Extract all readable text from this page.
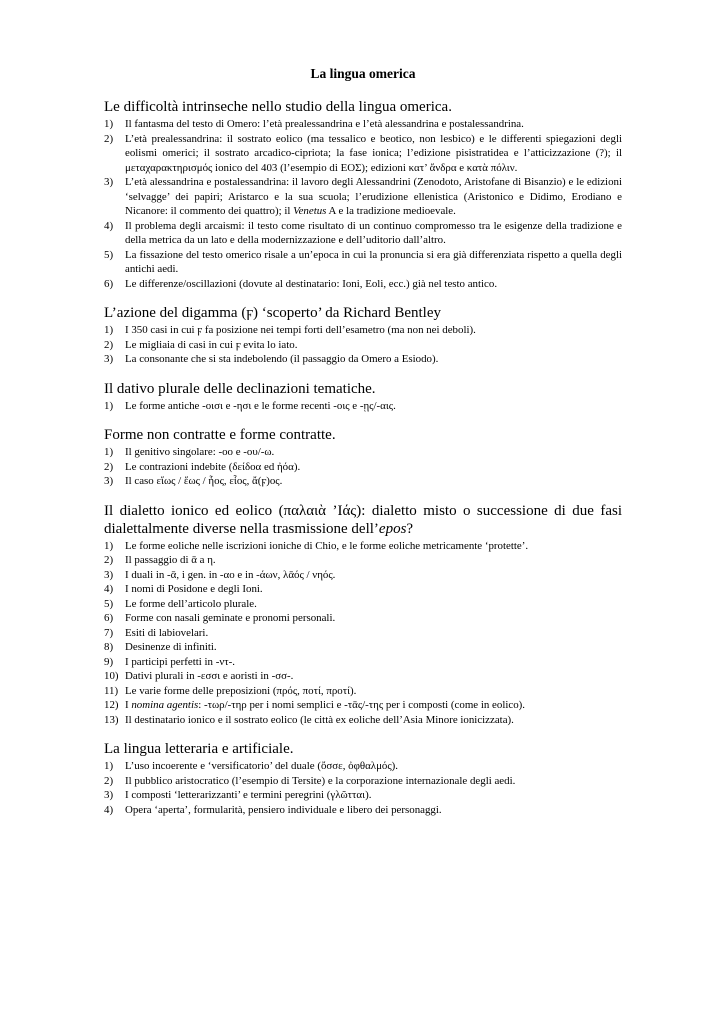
La lingua omerica
Le difficoltà intrinseche nello studio della lingua omerica.
1)	Il fantasma del testo di Omero: l’età prealessandrina e l’età alessandrina e postalessandrina.
2)	L’età prealessandrina: il sostrato eolico (ma tessalico e beotico, non lesbico) e le differenti spiegazioni degli eolismi omerici; il sostrato arcadico-cipriota; la fase ionica; l’edizione pisistratidea e l’atticizzazione (?); il μεταχαρακτηρισμός ionico del 403 (l’esempio di ΕΟΣ); edizioni κατ’ ἄνδρα e κατὰ πόλιν.
3)	L’età alessandrina e postalessandrina: il lavoro degli Alessandrini (Zenodoto, Aristofane di Bisanzio) e le edizioni ‘selvagge’ dei papiri; Aristarco e la sua scuola; l’erudizione ellenistica (Aristonico e Didimo, Erodiano e Nicanore: il commento dei quattro); il Venetus A e la tradizione medioevale.
4)	Il problema degli arcaismi: il testo come risultato di un continuo compromesso tra le esigenze della tradizione e della metrica da un lato e della modernizzazione e dell’uditorio dall’altro.
5)	La fissazione del testo omerico risale a un’epoca in cui la pronuncia si era già differenziata rispetto a quella degli antichi aedi.
6)	Le differenze/oscillazioni (dovute al destinatario: Ioni, Eoli, ecc.) già nel testo antico.
L’azione del digamma (ϝ) ‘scoperto’ da Richard Bentley
1)	I 350 casi in cui ϝ fa posizione nei tempi forti dell’esametro (ma non nei deboli).
2)	Le migliaia di casi in cui ϝ evita lo iato.
3)	La consonante che si sta indebolendo (il passaggio da Omero a Esiodo).
Il dativo plurale delle declinazioni tematiche.
1)	Le forme antiche -οισι e -ησι e le forme recenti -οις e -ῃς/-αις.
Forme non contratte e forme contratte.
1)	Il genitivo singolare: -οο e -ου/-ω.
2)	Le contrazioni indebite (δείδοα ed ἠόα).
3)	Il caso εἵως / ἕως / ἧος, εἷος, ἄ(ϝ)ος.
Il dialetto ionico ed eolico (παλαιὰ ’Ιάς): dialetto misto o successione di due fasi dialettalmente diverse nella trasmissione dell’epos?
1)	Le forme eoliche nelle iscrizioni ioniche di Chio, e le forme eoliche metricamente ‘protette’.
2)	Il passaggio di ᾱ a η.
3)	I duali in -ᾱ, i gen. in -αο e in -άων, λᾱός / νηός.
4)	I nomi di Posidone e degli Ioni.
5)	Le forme dell’articolo plurale.
6)	Forme con nasali geminate e pronomi personali.
7)	Esiti di labiovelari.
8)	Desinenze di infiniti.
9)	I participi perfetti in -ντ-.
10) Dativi plurali in -εσσι e aoristi in -σσ-.
11) Le varie forme delle preposizioni (πρός, ποτί, προτί).
12) I nomina agentis: -τωρ/-τηρ per i nomi semplici e -τᾱς/-της per i composti (come in eolico).
13) Il destinatario ionico e il sostrato eolico (le città ex eoliche dell’Asia Minore ionicizzata).
La lingua letteraria e artificiale.
1)	L’uso incoerente e ‘versificatorio’ del duale (ὄσσε, ὀφθαλμός).
2)	Il pubblico aristocratico (l’esempio di Tersite) e la corporazione internazionale degli aedi.
3)	I composti ‘letterarizzanti’ e termini peregrini (γλῶτται).
4)	Opera ‘aperta’, formularità, pensiero individuale e libero dei personaggi.
